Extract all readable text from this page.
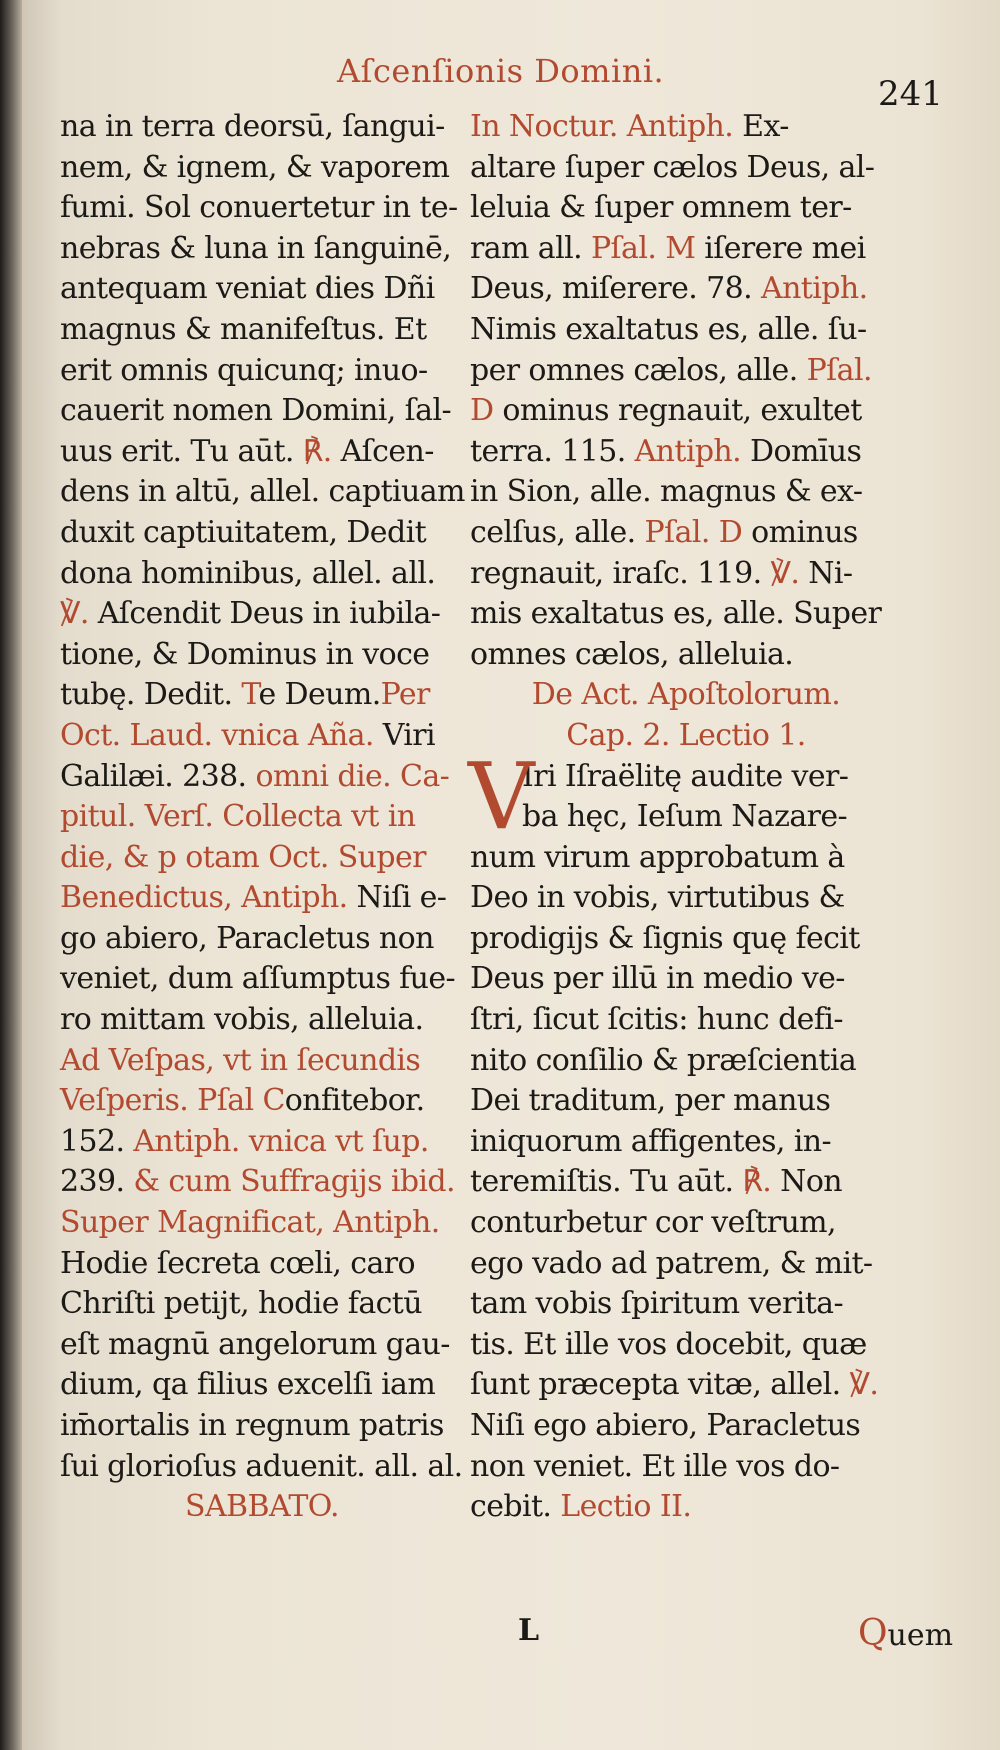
Aſcenſionis Domini.
241
na in terra deorsū, ſangui-
nem, & ignem, & vaporem
fumi. Sol conuertetur in te-
nebras & luna in ſanguinē,
antequam veniat dies Dñi
magnus & manifeſtus. Et
erit omnis quicunq; inuo-
cauerit nomen Domini, ſal-
uus erit. Tu aūt. ℟. Aſcen-
dens in altū, allel. captiuam
duxit captiuitatem, Dedit
dona hominibus, allel. all.
℣. Aſcendit Deus in iubila-
tione, & Dominus in voce
tubę. Dedit. Te Deum.Per
Oct. Laud. vnica Aña. Viri
Galilæi. 238. omni die. Ca-
pitul. Verſ. Collecta vt in
die, & p otam Oct. Super
Benedictus, Antiph. Niſi e-
go abiero, Paracletus non
veniet, dum aſſumptus fue-
ro mittam vobis, alleluia.
Ad Veſpas, vt in ſecundis
Veſperis. Pſal Confitebor.
152. Antiph. vnica vt ſup.
239. & cum Suffragijs ibid.
Super Magnificat, Antiph.
Hodie ſecreta cœli, caro
Chriſti petijt, hodie factū
eſt magnū angelorum gau-
dium, qa filius excelſi iam
im̄ortalis in regnum patris
ſui glorioſus aduenit. all. al.
SABBATO.
In Noctur. Antiph. Ex-
altare ſuper cælos Deus, al-
leluia & ſuper omnem ter-
ram all. Pſal. M iſerere mei
Deus, miſerere. 78. Antiph.
Nimis exaltatus es, alle. ſu-
per omnes cælos, alle. Pſal.
D ominus regnauit, exultet
terra. 115. Antiph. Domīus
in Sion, alle. magnus & ex-
celſus, alle. Pſal. D ominus
regnauit, iraſc. 119. ℣. Ni-
mis exaltatus es, alle. Super
omnes cælos, alleluia.
De Act. Apoſtolorum.
Cap. 2. Lectio 1.
Iri Iſraëlitę audite ver-
V
ba hęc, Ieſum Nazare-
num virum approbatum à
Deo in vobis, virtutibus &
prodigijs & ſignis quę fecit
Deus per illū in medio ve-
ſtri, ſicut ſcitis: hunc defi-
nito conſilio & præſcientia
Dei traditum, per manus
iniquorum affigentes, in-
teremiſtis. Tu aūt. ℟. Non
conturbetur cor veſtrum,
ego vado ad patrem, & mit-
tam vobis ſpiritum verita-
tis. Et ille vos docebit, quæ
ſunt præcepta vitæ, allel. ℣.
Niſi ego abiero, Paracletus
non veniet. Et ille vos do-
cebit. Lectio II.
L	Quem
